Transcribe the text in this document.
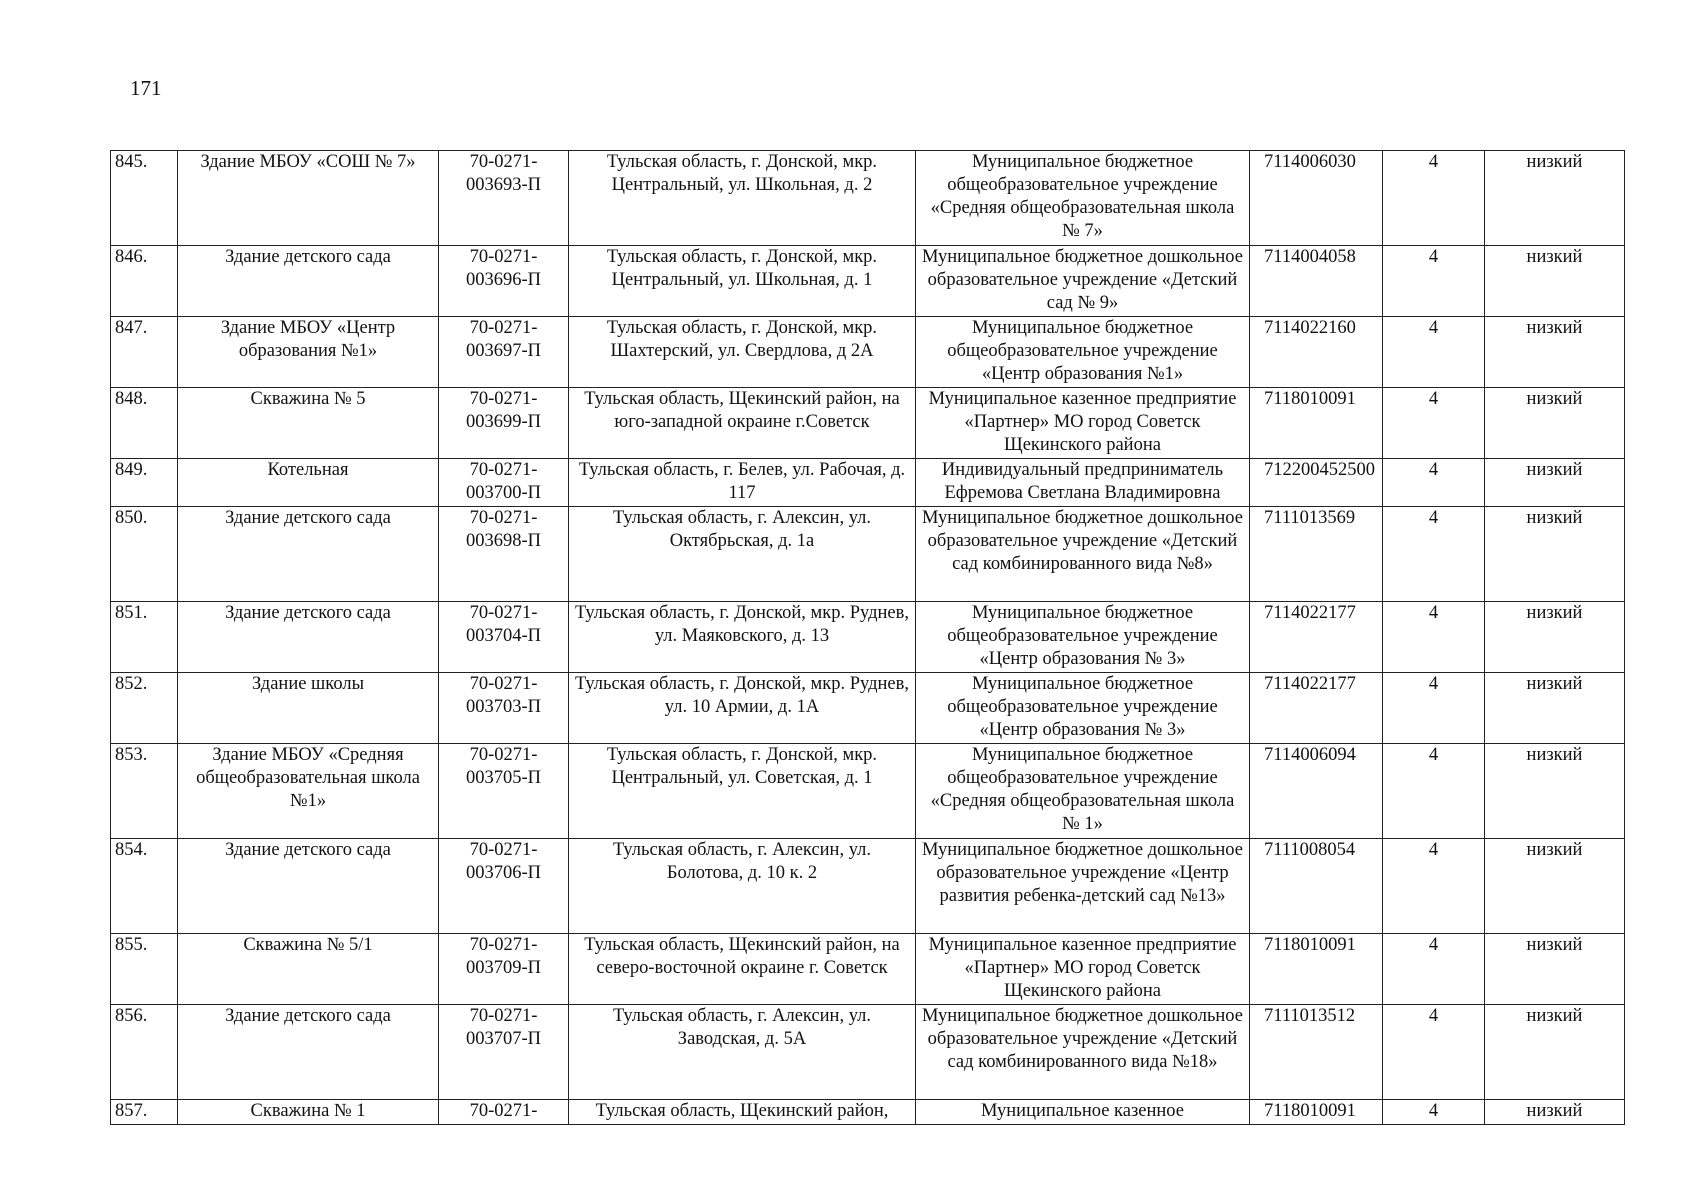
171
845.	Здание МБОУ «СОШ № 7»	70-0271-003693-П	Тульская область, г. Донской, мкр. Центральный, ул. Школьная, д. 2	Муниципальное бюджетное общеобразовательное учреждение «Средняя общеобразовательная школа № 7»	7114006030	4	низкий
846.	Здание детского сада	70-0271-003696-П	Тульская область, г. Донской, мкр. Центральный, ул. Школьная, д. 1	Муниципальное бюджетное дошкольное образовательное учреждение «Детский сад № 9»	7114004058	4	низкий
847.	Здание МБОУ «Центр образования №1»	70-0271-003697-П	Тульская область, г. Донской, мкр. Шахтерский, ул. Свердлова, д 2А	Муниципальное бюджетное общеобразовательное учреждение «Центр образования №1»	7114022160	4	низкий
848.	Скважина № 5	70-0271-003699-П	Тульская область, Щекинский район, на юго-западной окраине г.Советск	Муниципальное казенное предприятие «Партнер» МО город Советск Щекинского района	7118010091	4	низкий
849.	Котельная	70-0271-003700-П	Тульская область, г. Белев, ул. Рабочая, д. 117	Индивидуальный предприниматель Ефремова Светлана Владимировна	712200452500	4	низкий
850.	Здание детского сада	70-0271-003698-П	Тульская область, г. Алексин, ул. Октябрьская, д. 1а	Муниципальное бюджетное дошкольное образовательное учреждение «Детский сад комбинированного вида №8»	7111013569	4	низкий
851.	Здание детского сада	70-0271-003704-П	Тульская область, г. Донской, мкр. Руднев, ул. Маяковского, д. 13	Муниципальное бюджетное общеобразовательное учреждение «Центр образования № 3»	7114022177	4	низкий
852.	Здание школы	70-0271-003703-П	Тульская область, г. Донской, мкр. Руднев, ул. 10 Армии, д. 1А	Муниципальное бюджетное общеобразовательное учреждение «Центр образования № 3»	7114022177	4	низкий
853.	Здание МБОУ «Средняя общеобразовательная школа №1»	70-0271-003705-П	Тульская область, г. Донской, мкр. Центральный, ул. Советская, д. 1	Муниципальное бюджетное общеобразовательное учреждение «Средняя общеобразовательная школа № 1»	7114006094	4	низкий
854.	Здание детского сада	70-0271-003706-П	Тульская область, г. Алексин, ул. Болотова, д. 10 к. 2	Муниципальное бюджетное дошкольное образовательное учреждение «Центр развития ребенка-детский сад №13»	7111008054	4	низкий
855.	Скважина № 5/1	70-0271-003709-П	Тульская область, Щекинский район, на северо-восточной окраине г. Советск	Муниципальное казенное предприятие «Партнер» МО город Советск Щекинского района	7118010091	4	низкий
856.	Здание детского сада	70-0271-003707-П	Тульская область, г. Алексин, ул. Заводская, д. 5А	Муниципальное бюджетное дошкольное образовательное учреждение «Детский сад комбинированного вида №18»	7111013512	4	низкий
857.	Скважина № 1	70-0271-	Тульская область, Щекинский район,	Муниципальное казенное	7118010091	4	низкий
